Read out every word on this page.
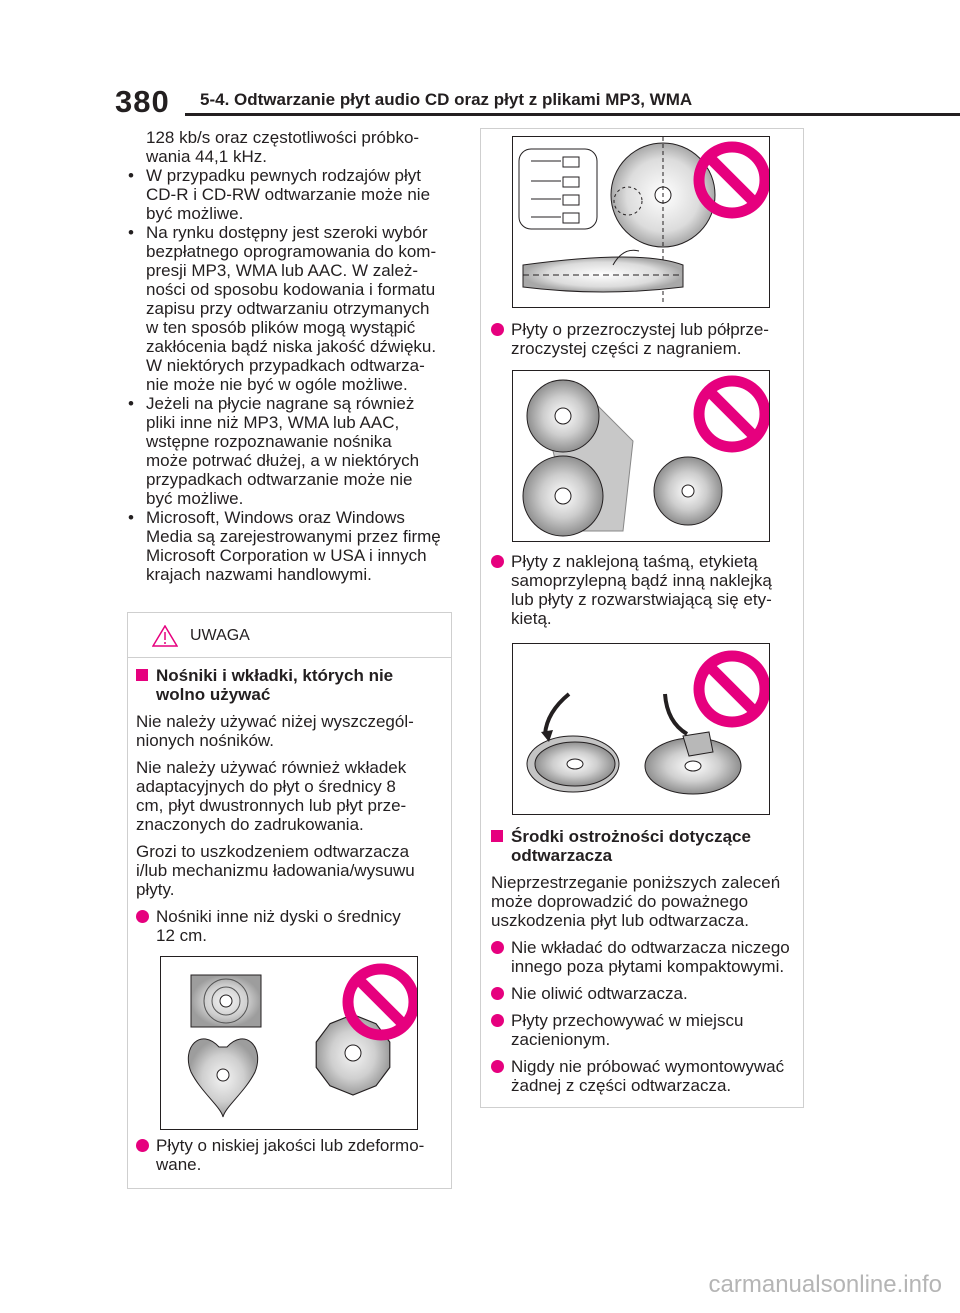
380 5-4. Odtwarzanie płyt audio CD oraz płyt z plikami MP3, WMA
128 kb/s oraz częstotliwości próbko-
wania 44,1 kHz.
• W przypadku pewnych rodzajów płyt
CD-R i CD-RW odtwarzanie może nie
być możliwe.
• Na rynku dostępny jest szeroki wybór
bezpłatnego oprogramowania do kom-
presji MP3, WMA lub AAC. W zależ-
ności od sposobu kodowania i formatu
zapisu przy odtwarzaniu otrzymanych
w ten sposób plików mogą wystąpić
zakłócenia bądź niska jakość dźwięku.
W niektórych przypadkach odtwarza-
nie może nie być w ogóle możliwe.
• Jeżeli na płycie nagrane są również
pliki inne niż MP3, WMA lub AAC,
wstępne rozpoznawanie nośnika
może potrwać dłużej, a w niektórych
przypadkach odtwarzanie może nie
być możliwe.
• Microsoft, Windows oraz Windows
Media są zarejestrowanymi przez firmę
Microsoft Corporation w USA i innych
krajach nazwami handlowymi.
UWAGA
Nośniki i wkładki, których nie
wolno używać
Nie należy używać niżej wyszczegól-
nionych nośników.
Nie należy używać również wkładek
adaptacyjnych do płyt o średnicy 8
cm, płyt dwustronnych lub płyt prze-
znaczonych do zadrukowania.
Grozi to uszkodzeniem odtwarzacza
i/lub mechanizmu ładowania/wysuwu
płyty.
Nośniki inne niż dyski o średnicy
12 cm.
Płyty o niskiej jakości lub zdeformo-
wane.
Płyty o przezroczystej lub półprze-
zroczystej części z nagraniem.
Płyty z naklejoną taśmą, etykietą
samoprzylepną bądź inną naklejką
lub płyty z rozwarstwiającą się ety-
kietą.
Środki ostrożności dotyczące
odtwarzacza
Nieprzestrzeganie poniższych zaleceń
może doprowadzić do poważnego
uszkodzenia płyt lub odtwarzacza.
Nie wkładać do odtwarzacza niczego
innego poza płytami kompaktowymi.
Nie oliwić odtwarzacza.
Płyty przechowywać w miejscu
zacienionym.
Nigdy nie próbować wymontowywać
żadnej z części odtwarzacza.
carmanualsonline.info
